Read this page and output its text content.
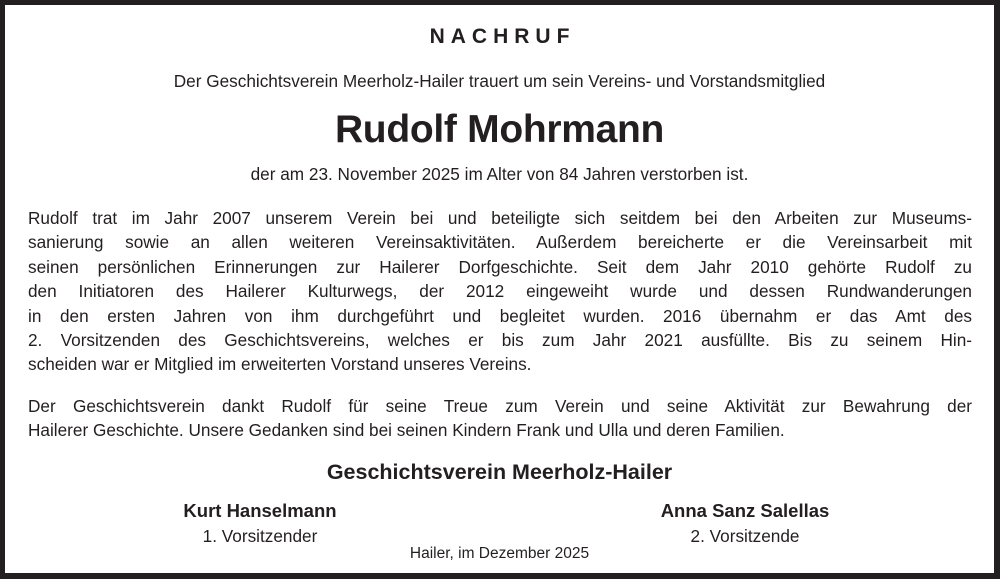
NACHRUF
Der Geschichtsverein Meerholz-Hailer trauert um sein Vereins- und Vorstandsmitglied
Rudolf Mohrmann
der am 23. November 2025 im Alter von 84 Jahren verstorben ist.
Rudolf trat im Jahr 2007 unserem Verein bei und beteiligte sich seitdem bei den Arbeiten zur Museums-
sanierung sowie an allen weiteren Vereinsaktivitäten. Außerdem bereicherte er die Vereinsarbeit mit
seinen persönlichen Erinnerungen zur Hailerer Dorfgeschichte. Seit dem Jahr 2010 gehörte Rudolf zu
den Initiatoren des Hailerer Kulturwegs, der 2012 eingeweiht wurde und dessen Rundwanderungen
in den ersten Jahren von ihm durchgeführt und begleitet wurden. 2016 übernahm er das Amt des
2. Vorsitzenden des Geschichtsvereins, welches er bis zum Jahr 2021 ausfüllte. Bis zu seinem Hin-
scheiden war er Mitglied im erweiterten Vorstand unseres Vereins.
Der Geschichtsverein dankt Rudolf für seine Treue zum Verein und seine Aktivität zur Bewahrung der
Hailerer Geschichte. Unsere Gedanken sind bei seinen Kindern Frank und Ulla und deren Familien.
Geschichtsverein Meerholz-Hailer
Kurt Hanselmann
1. Vorsitzender
Anna Sanz Salellas
2. Vorsitzende
Hailer, im Dezember 2025
